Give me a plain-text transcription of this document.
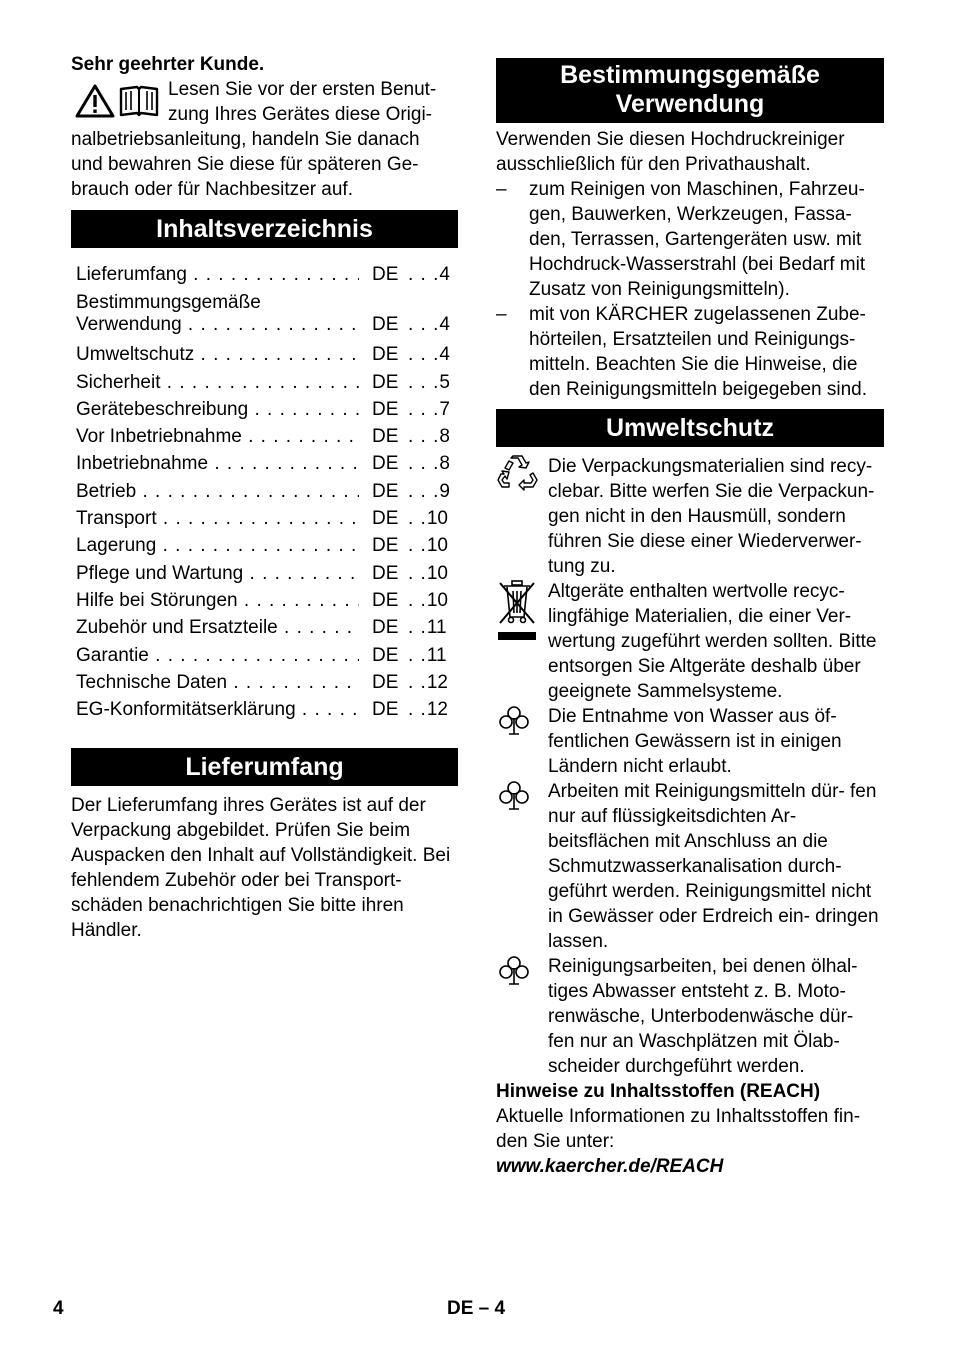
Sehr geehrter Kunde.

Lesen Sie vor der ersten Benut-

zung Ihres Gerätes diese Origi-

nalbetriebsanleitung, handeln Sie danach und bewahren Sie diese für späteren Ge- brauch oder für Nachbesitzer auf.

Inhaltsverzeichnis
Lieferumfang . . .	DE . . .4
Bestimmungsgemäße
Verwendung . . .	DE . . .4
Umweltschutz . . .	DE . . .4
Sicherheit . . .	DE . . .5
Gerätebeschreibung . . .	DE . . .7
Vor Inbetriebnahme . . .	DE . . .8
Inbetriebnahme . . .	DE . . .8
Betrieb . . .	DE . . .9
Transport . . .	DE . .10
Lagerung . . .	DE . .10
Pflege und Wartung . . .	DE . .10
Hilfe bei Störungen . . .	DE . .10
Zubehör und Ersatzteile . . .	DE . .11
Garantie . . .	DE . .11
Technische Daten . . .	DE . .12
EG-Konformitätserklärung . . .	DE . .12
Lieferumfang

Der Lieferumfang ihres Gerätes ist auf der Verpackung abgebildet. Prüfen Sie beim Auspacken den Inhalt auf Vollständigkeit. Bei fehlendem Zubehör oder bei Transport- schäden benachrichtigen Sie bitte ihren Händler.

Bestimmungsgemäße
Verwendung

Verwenden Sie diesen Hochdruckreiniger ausschließlich für den Privathaushalt.

–	zum Reinigen von Maschinen, Fahrzeu- gen, Bauwerken, Werkzeugen, Fassa- den, Terrassen, Gartengeräten usw. mit Hochdruck-Wasserstrahl (bei Bedarf mit Zusatz von Reinigungsmitteln).
–	mit von KÄRCHER zugelassenen Zube- hörteilen, Ersatzteilen und Reinigungs- mitteln. Beachten Sie die Hinweise, die den Reinigungsmitteln beigegeben sind.
Umweltschutz
Die Verpackungsmaterialien sind recy- clebar. Bitte werfen Sie die Verpackun- gen nicht in den Hausmüll, sondern führen Sie diese einer Wiederverwer- tung zu.
Altgeräte enthalten wertvolle recyc- lingfähige Materialien, die einer Ver- wertung zugeführt werden sollten. Bitte entsorgen Sie Altgeräte deshalb über geeignete Sammelsysteme.
Die Entnahme von Wasser aus öf- fentlichen Gewässern ist in einigen Ländern nicht erlaubt.
Arbeiten mit Reinigungsmitteln dür- fen nur auf flüssigkeitsdichten Ar- beitsflächen mit Anschluss an die Schmutzwasserkanalisation durch- geführt werden. Reinigungsmittel nicht in Gewässer oder Erdreich ein- dringen lassen.
Reinigungsarbeiten, bei denen ölhal- tiges Abwasser entsteht z. B. Moto- renwäsche, Unterbodenwäsche dür- fen nur an Waschplätzen mit Ölab- scheider durchgeführt werden.

Hinweise zu Inhaltsstoffen (REACH)

Aktuelle Informationen zu Inhaltsstoffen fin- den Sie unter:

www.kaercher.de/REACH

4	DE – 4
